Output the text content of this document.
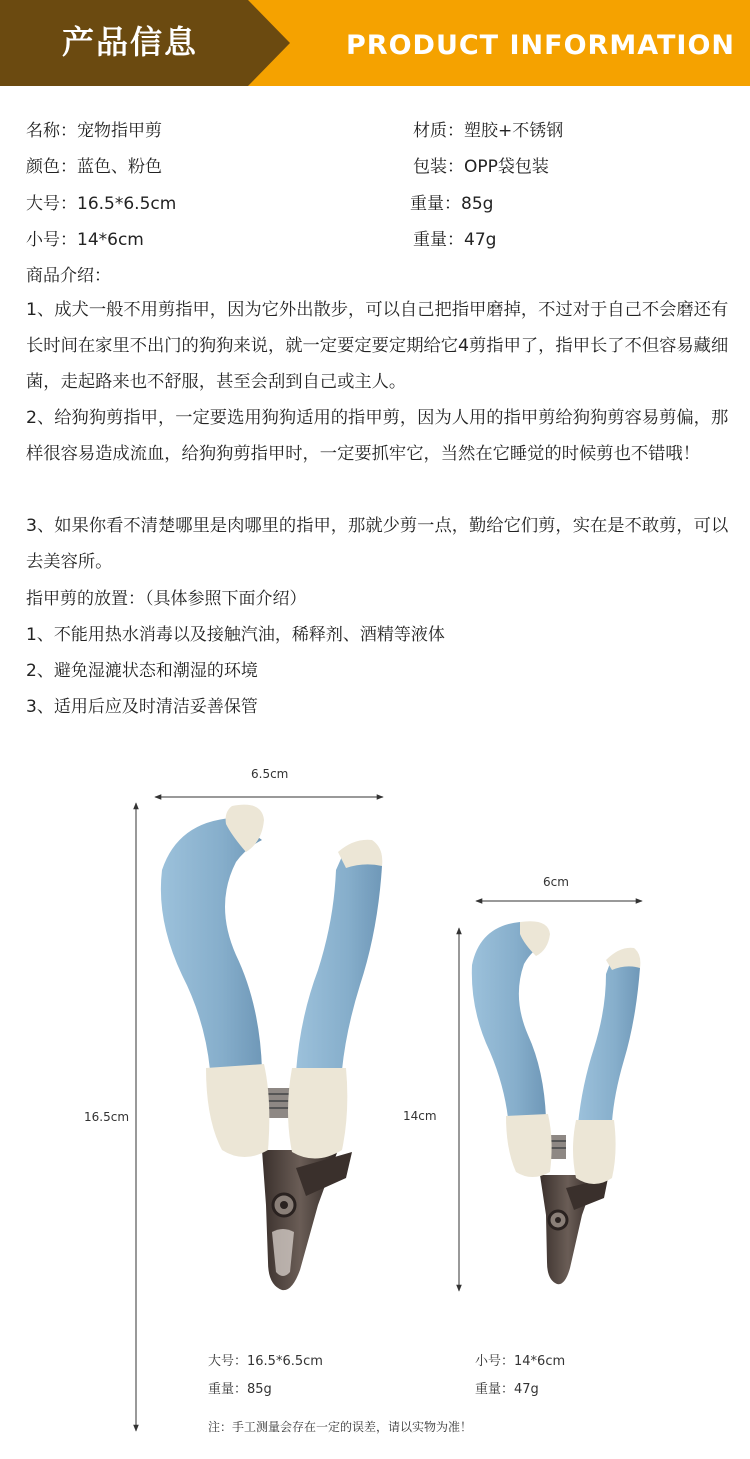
产品信息	PRODUCT INFORMATION
名称：宠物指甲剪	材质：塑胶+不锈钢
颜色：蓝色、粉色	包装：OPP袋包装
大号：16.5*6.5cm	重量：85g
小号：14*6cm	重量：47g
商品介绍：
1、成犬一般不用剪指甲，因为它外出散步，可以自己把指甲磨掉，不过对于自己不会磨还有长时间在家里不出门的狗狗来说，就一定要定要定期给它4剪指甲了，指甲长了不但容易藏细菌，走起路来也不舒服，甚至会刮到自己或主人。
2、给狗狗剪指甲，一定要选用狗狗适用的指甲剪，因为人用的指甲剪给狗狗剪容易剪偏，那样很容易造成流血，给狗狗剪指甲时，一定要抓牢它，当然在它睡觉的时候剪也不错哦！
3、如果你看不清楚哪里是肉哪里的指甲，那就少剪一点，勤给它们剪，实在是不敢剪，可以去美容所。
指甲剪的放置：（具体参照下面介绍）
1、不能用热水消毒以及接触汽油，稀释剂、酒精等液体
2、避免湿漉状态和潮湿的环境
3、适用后应及时清洁妥善保管
6.5cm
16.5cm
6cm
14cm
大号：16.5*6.5cm
重量：85g
小号：14*6cm
重量：47g
注：手工测量会存在一定的误差，请以实物为准！
